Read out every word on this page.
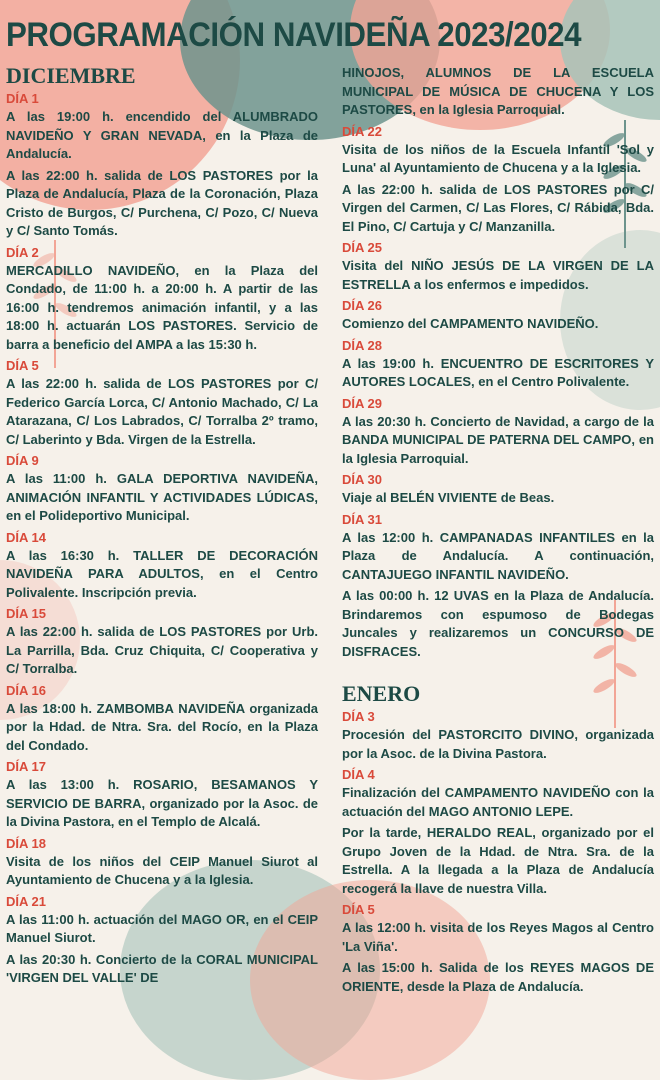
PROGRAMACIÓN NAVIDEÑA 2023/2024
DICIEMBRE

DÍA 1

A las 19:00 h. encendido del ALUMBRADO NAVIDEÑO Y GRAN NEVADA, en la Plaza de Andalucía.

A las 22:00 h. salida de LOS PASTORES por la Plaza de Andalucía, Plaza de la Coronación, Plaza Cristo de Burgos, C/ Purchena, C/ Pozo, C/ Nueva y C/ Santo Tomás.

DÍA 2

MERCADILLO NAVIDEÑO, en la Plaza del Condado, de 11:00 h. a 20:00 h. A partir de las 16:00 h. tendremos animación infantil, y a las 18:00 h. actuarán LOS PASTORES. Servicio de barra a beneficio del AMPA a las 15:30 h.

DÍA 5

A las 22:00 h. salida de LOS PASTORES por C/ Federico García Lorca, C/ Antonio Machado, C/ La Atarazana, C/ Los Labrados, C/ Torralba 2º tramo, C/ Laberinto y Bda. Virgen de la Estrella.

DÍA 9

A las 11:00 h. GALA DEPORTIVA NAVIDEÑA, ANIMACIÓN INFANTIL Y ACTIVIDADES LÚDICAS, en el Polideportivo Municipal.

DÍA 14

A las 16:30 h. TALLER DE DECORACIÓN NAVIDEÑA PARA ADULTOS, en el Centro Polivalente. Inscripción previa.

DÍA 15

A las 22:00 h. salida de LOS PASTORES por Urb. La Parrilla, Bda. Cruz Chiquita, C/ Cooperativa y C/ Torralba.

DÍA 16

A las 18:00 h. ZAMBOMBA NAVIDEÑA organizada por la Hdad. de Ntra. Sra. del Rocío, en la Plaza del Condado.

DÍA 17

A las 13:00 h. ROSARIO, BESAMANOS Y SERVICIO DE BARRA, organizado por la Asoc. de la Divina Pastora, en el Templo de Alcalá.

DÍA 18

Visita de los niños del CEIP Manuel Siurot al Ayuntamiento de Chucena y a la Iglesia.

DÍA 21

A las 11:00 h. actuación del MAGO OR, en el CEIP Manuel Siurot.

A las 20:30 h. Concierto de la CORAL MUNICIPAL 'VIRGEN DEL VALLE' DE

HINOJOS, ALUMNOS DE LA ESCUELA MUNICIPAL DE MÚSICA DE CHUCENA Y LOS PASTORES, en la Iglesia Parroquial.

DÍA 22

Visita de los niños de la Escuela Infantil 'Sol y Luna' al Ayuntamiento de Chucena y a la Iglesia.

A las 22:00 h. salida de LOS PASTORES por C/ Virgen del Carmen, C/ Las Flores, C/ Rábida, Bda. El Pino, C/ Cartuja y C/ Manzanilla.

DÍA 25

Visita del NIÑO JESÚS DE LA VIRGEN DE LA ESTRELLA a los enfermos e impedidos.

DÍA 26

Comienzo del CAMPAMENTO NAVIDEÑO.

DÍA 28

A las 19:00 h. ENCUENTRO DE ESCRITORES Y AUTORES LOCALES, en el Centro Polivalente.

DÍA 29

A las 20:30 h. Concierto de Navidad, a cargo de la BANDA MUNICIPAL DE PATERNA DEL CAMPO, en la Iglesia Parroquial.

DÍA 30

Viaje al BELÉN VIVIENTE de Beas.

DÍA 31

A las 12:00 h. CAMPANADAS INFANTILES en la Plaza de Andalucía. A continuación, CANTAJUEGO INFANTIL NAVIDEÑO.

A las 00:00 h. 12 UVAS en la Plaza de Andalucía. Brindaremos con espumoso de Bodegas Juncales y realizaremos un CONCURSO DE DISFRACES.

ENERO

DÍA 3

Procesión del PASTORCITO DIVINO, organizada por la Asoc. de la Divina Pastora.

DÍA 4

Finalización del CAMPAMENTO NAVIDEÑO con la actuación del MAGO ANTONIO LEPE.

Por la tarde, HERALDO REAL, organizado por el Grupo Joven de la Hdad. de Ntra. Sra. de la Estrella. A la llegada a la Plaza de Andalucía recogerá la llave de nuestra Villa.

DÍA 5

A las 12:00 h. visita de los Reyes Magos al Centro 'La Viña'.

A las 15:00 h. Salida de los REYES MAGOS DE ORIENTE, desde la Plaza de Andalucía.
